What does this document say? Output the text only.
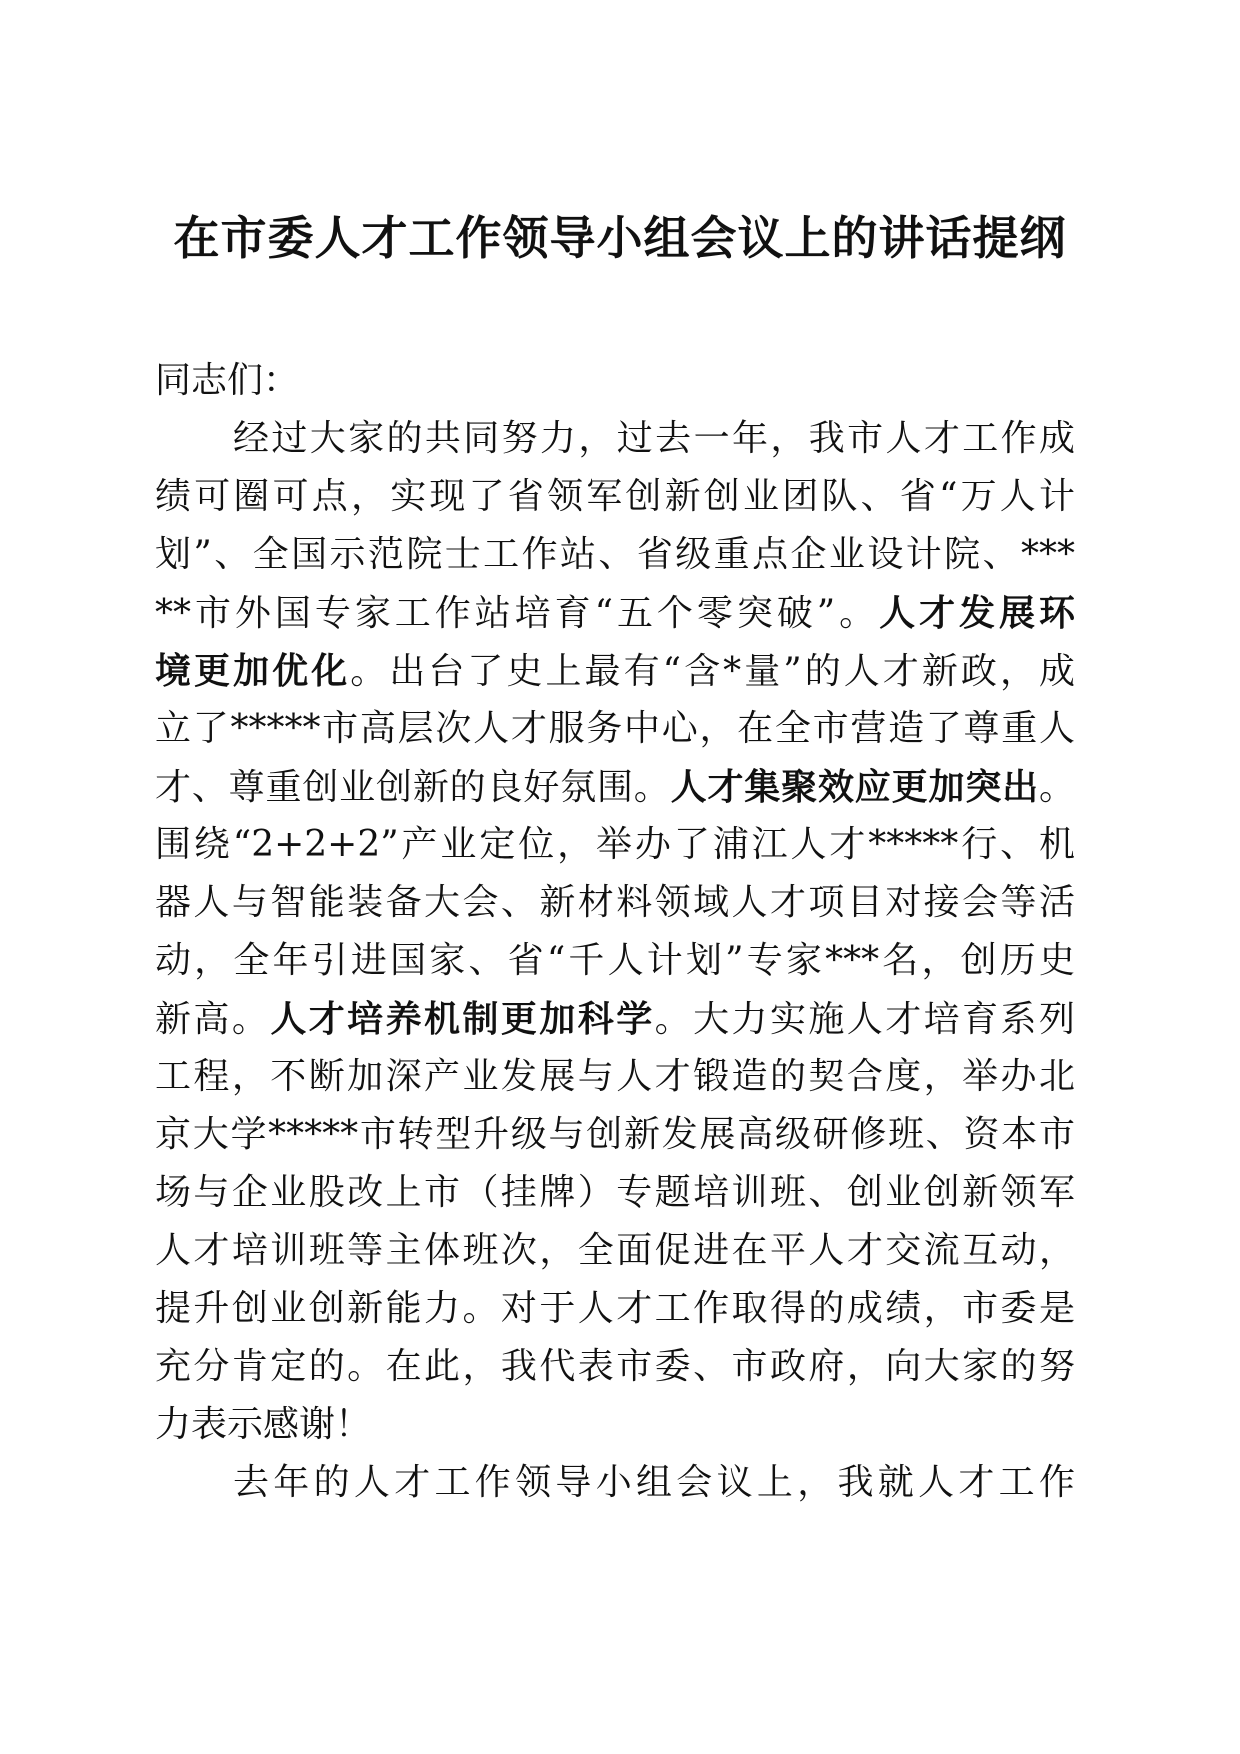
在市委人才工作领导小组会议上的讲话提纲
同志们：
经过大家的共同努力，过去一年，我市人才工作成
绩可圈可点，实现了省领军创新创业团队、省“万人计
划”、全国示范院士工作站、省级重点企业设计院、***
**市外国专家工作站培育“五个零突破”。人才发展环
境更加优化。出台了史上最有“含*量”的人才新政，成
立了*****市高层次人才服务中心，在全市营造了尊重人
才、尊重创业创新的良好氛围。人才集聚效应更加突出。
围绕“2+2+2”产业定位，举办了浦江人才*****行、机
器人与智能装备大会、新材料领域人才项目对接会等活
动，全年引进国家、省“千人计划”专家***名，创历史
新高。人才培养机制更加科学。大力实施人才培育系列
工程，不断加深产业发展与人才锻造的契合度，举办北
京大学*****市转型升级与创新发展高级研修班、资本市
场与企业股改上市（挂牌）专题培训班、创业创新领军
人才培训班等主体班次，全面促进在平人才交流互动，
提升创业创新能力。对于人才工作取得的成绩，市委是
充分肯定的。在此，我代表市委、市政府，向大家的努
力表示感谢！
去年的人才工作领导小组会议上，我就人才工作
